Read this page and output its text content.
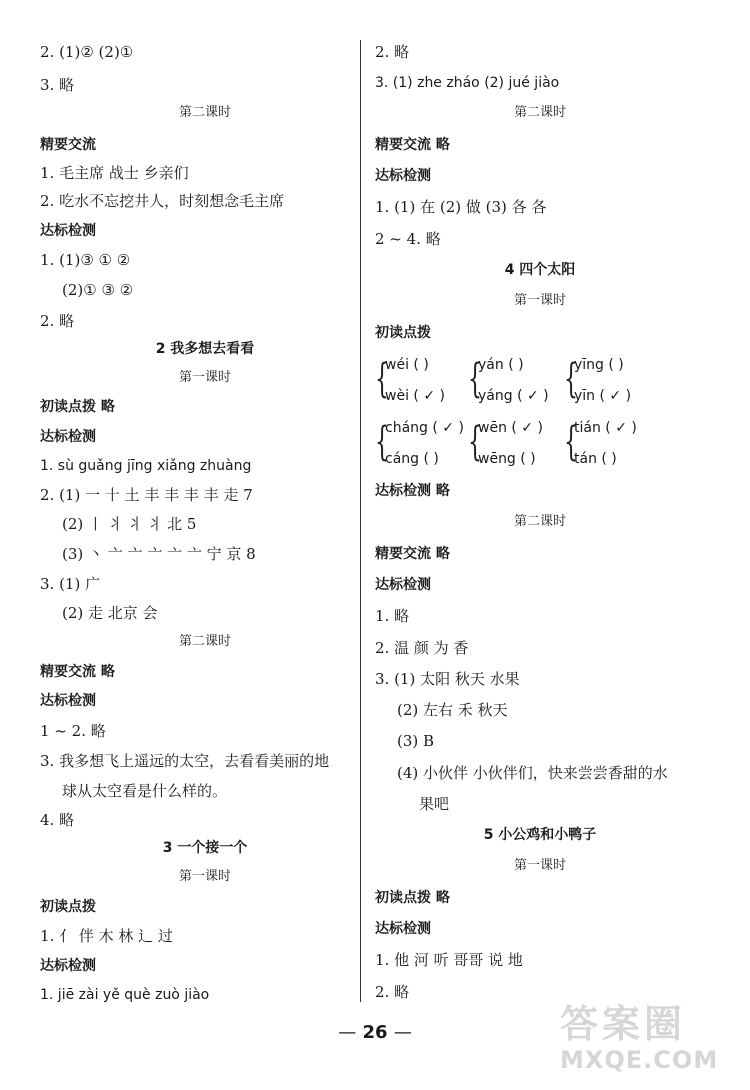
2. (1)② (2)①
3. 略
第二课时
精要交流
1. 毛主席 战士 乡亲们
2. 吃水不忘挖井人，时刻想念毛主席
达标检测
1. (1)③ ① ②
(2)① ③ ②
2. 略
2 我多想去看看
第一课时
初读点拨 略
达标检测
1. sù guǎng jīng xiǎng zhuàng
2. (1) 一 十 土 丰 丰 丰 丰 走 7
(2) 丨 丬 丬 丬 北 5
(3) 丶 亠 亠 亠 亠 亠 宁 京 8
3. (1) 广
(2) 走 北京 会
第二课时
精要交流 略
达标检测
1 ~ 2. 略
3. 我多想飞上遥远的太空，去看看美丽的地
球从太空看是什么样的。
4. 略
3 一个接一个
第一课时
初读点拨
1. 亻 伴 木 林 辶 过
达标检测
1. jiē zài yě què zuò jiào
2. 略
3. (1) zhe zháo (2) jué jiào
第二课时
精要交流 略
达标检测
1. (1) 在 (2) 做 (3) 各 各
2 ~ 4. 略
4 四个太阳
第一课时
初读点拨
{
wéi ( )
wèi ( ✓ ) {
yán ( )
yáng ( ✓ ) {
yīng ( )
yīn ( ✓ )
{
cháng ( ✓ )
cáng ( ) {
wēn ( ✓ )
wēng ( ) {
tián ( ✓ )
tán ( )
达标检测 略
第二课时
精要交流 略
达标检测
1. 略
2. 温 颜 为 香
3. (1) 太阳 秋天 水果
(2) 左右 禾 秋天
(3) B
(4) 小伙伴 小伙伴们，快来尝尝香甜的水
果吧
5 小公鸡和小鸭子
第一课时
初读点拨 略
达标检测
1. 他 河 听 哥哥 说 地
2. 略
— 26 —	答案圈
MXQE.COM
